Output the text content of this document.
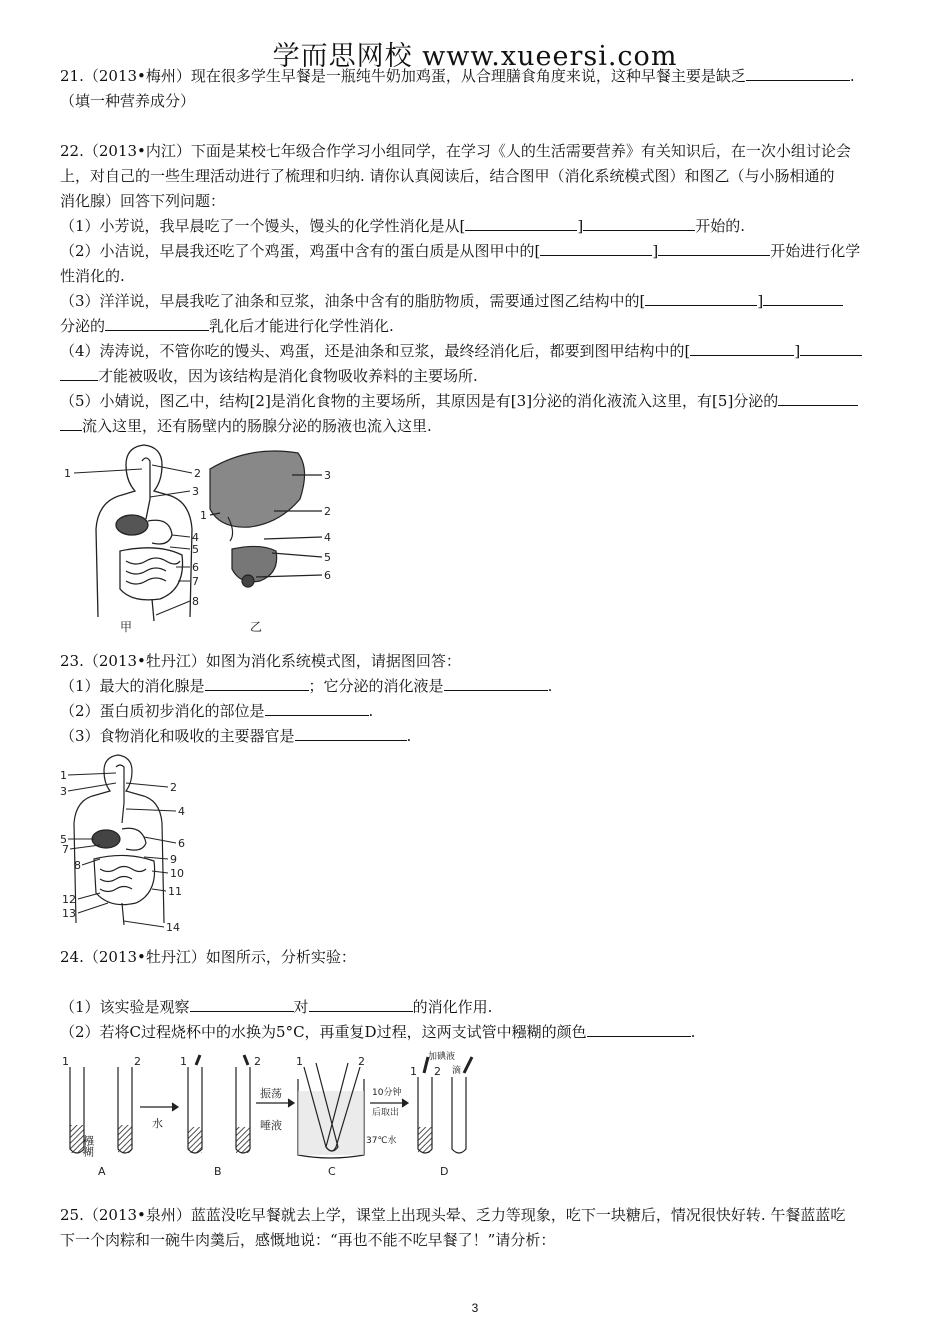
学而思网校 www.xueersi.com

21.（2013•梅州）现在很多学生早餐是一瓶纯牛奶加鸡蛋，从合理膳食角度来说，这种早餐主要是缺乏	.

（填一种营养成分）

22.（2013•内江）下面是某校七年级合作学习小组同学，在学习《人的生活需要营养》有关知识后，在一次小组讨论会

上，对自己的一些生理活动进行了梳理和归纳. 请你认真阅读后，结合图甲（消化系统模式图）和图乙（与小肠相通的

消化腺）回答下列问题：

（1）小芳说，我早晨吃了一个馒头，馒头的化学性消化是从[	]	开始的.

（2）小洁说，早晨我还吃了个鸡蛋，鸡蛋中含有的蛋白质是从图甲中的[	]	开始进行化学

性消化的.

（3）洋洋说，早晨我吃了油条和豆浆，油条中含有的脂肪物质，需要通过图乙结构中的[	]

分泌的	乳化后才能进行化学性消化.

（4）涛涛说，不管你吃的馒头、鸡蛋，还是油条和豆浆，最终经消化后，都要到图甲结构中的[	]

才能被吸收，因为该结构是消化食物吸收养料的主要场所.

（5）小婧说，图乙中，结构[2]是消化食物的主要场所，其原因是有[3]分泌的消化液流入这里，有[5]分泌的

流入这里，还有肠壁内的肠腺分泌的肠液也流入这里.

1	2
3
4
5
6
7
8
甲
1	2
3
4
5
6
乙

23.（2013•牡丹江）如图为消化系统模式图，请据图回答：

（1）最大的消化腺是	；它分泌的消化液是	.

（2）蛋白质初步消化的部位是	.

（3）食物消化和吸收的主要器官是	.

1
3	2
4
5	6
7
8	9
10
11
12
13
14

24.（2013•牡丹江）如图所示，分析实验：

（1）该实验是观察	对	的消化作用.

（2）若将C过程烧杯中的水换为5°C，再重复D过程，这两支试管中糨糊的颜色	.

1	2
糨糊
水
1	2
振荡
唾液
1	2
10分钟
后取出
37℃水
加碘液
滴
1 2
A	B	C	D

25.（2013•泉州）蓝蓝没吃早餐就去上学，课堂上出现头晕、乏力等现象，吃下一块糖后，情况很快好转. 午餐蓝蓝吃

下一个肉粽和一碗牛肉羹后，感慨地说：“再也不能不吃早餐了！”请分析：

3
